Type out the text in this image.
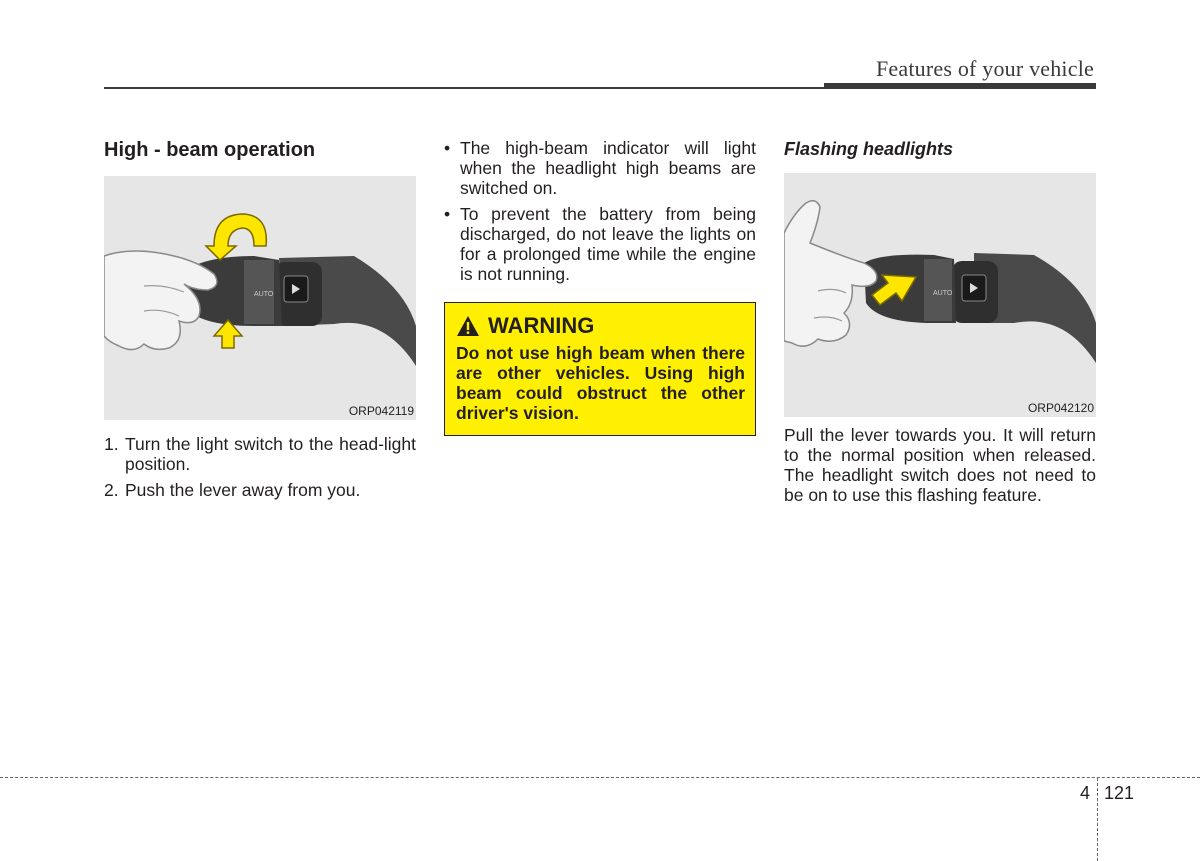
Features of your vehicle
High - beam operation
AUTO
ORP042119
1. Turn the light switch to the head-light position.
2. Push the lever away from you.
• The high-beam indicator will light when the headlight high beams are switched on.
• To prevent the battery from being discharged, do not leave the lights on for a prolonged time while the engine is not running.
WARNING
Do not use high beam when there are other vehicles. Using high beam could obstruct the other driver's vision.
Flashing headlights
AUTO
ORP042120
Pull the lever towards you. It will return to the normal position when released. The headlight switch does not need to be on to use this flashing feature.
4 121
